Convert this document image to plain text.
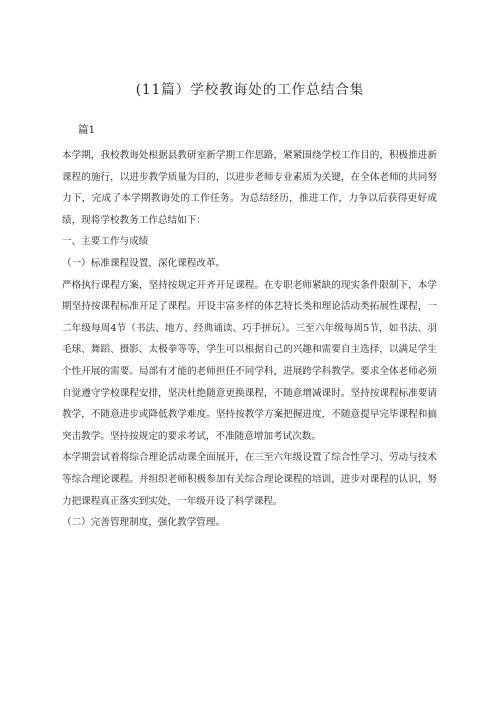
(11篇）学校教诲处的工作总结合集
篇1

本学期，我校教诲处根据县教研室新学期工作思路，紧紧围绕学校工作目的，积极推进新课程的施行，以进步教学质量为目的，以进步老师专业素质为关键，在全体老师的共同努力下，完成了本学期教诲处的工作任务。为总结经历，推进工作，力争以后获得更好成绩，现将学校教务工作总结如下：

一、主要工作与成绩

（一）标准课程设置，深化课程改革。

严格执行课程方案，坚持按规定开齐开足课程。在专职老师紧缺的现实条件限制下，本学期坚持按课程标准开足了课程。开设丰富多样的体艺特长类和理论活动类拓展性课程，一二年级每周4节（书法、地方、经典诵读、巧手拼玩）。三至六年级每周5节，如书法、羽毛球、舞蹈、摄影、太极拳等等，学生可以根据自己的兴趣和需要自主选择，以满足学生个性开展的需要。局部有才能的老师担任不同学科，进展跨学科教学。要求全体老师必须自觉遵守学校课程安排，坚决杜绝随意更换课程，不随意增减课时。坚持按课程标准要请教学，不随意进步或降低教学难度。坚持按教学方案把握进度，不随意提早完毕课程和搞突击教学。坚持按规定的要求考试，不准随意增加考试次数。

本学期尝试着将综合理论活动课全面展开，在三至六年级设置了综合性学习、劳动与技术等综合理论课程。并组织老师积极参加有关综合理论课程的培训，进步对课程的认识，努力把课程真正落实到实处，一年级开设了科学课程。

（二）完善管理制度，强化教学管理。
